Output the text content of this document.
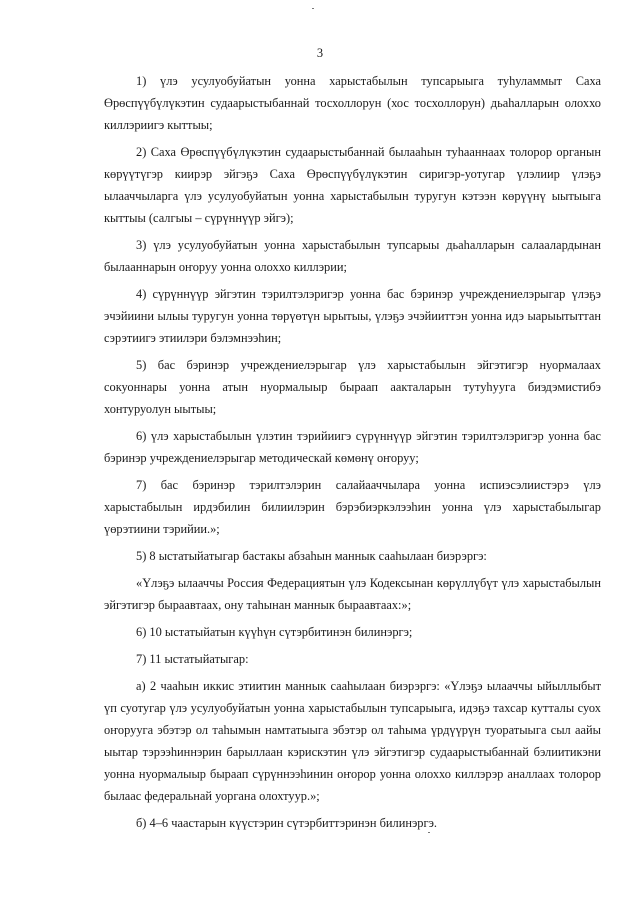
3

1) үлэ усулуобуйатын уонна харыстабылын тупсарыыга туһуламмыт Саха Өрөспүүбүлүкэтин судаарыстыбаннай тосхоллорун (хос тосхоллорун) дьаһалларын олоххо киллэриигэ кыттыы;

2) Саха Өрөспүүбүлүкэтин судаарыстыбаннай былааһын туһааннаах толорор органын көрүүтүгэр киирэр эйгэҕэ Саха Өрөспүүбүлүкэтин сиригэр-уотугар үлэлиир үлэҕэ ылааччыларга үлэ усулуобуйатын уонна харыстабылын туругун кэтээн көрүүнү ыытыыга кыттыы (салгыы – сүрүннүүр эйгэ);

3) үлэ усулуобуйатын уонна харыстабылын тупсарыы дьаһалларын салаалардынан былааннарын оҥоруу уонна олоххо киллэрии;

4) сүрүннүүр эйгэтин тэрилтэлэригэр уонна бас бэринэр учреждениелэрыгар үлэҕэ эчэйиини ылыы туругун уонна төрүөтүн ырытыы, үлэҕэ эчэйииттэн уонна идэ ыарыытыттан сэрэтиигэ этиилэри бэлэмнээһин;

5) бас бэринэр учреждениелэрыгар үлэ харыстабылын эйгэтигэр нуормалаах сокуоннары уонна атын нуормалыыр быраап аакталарын тутуһууга биэдэмистибэ хонтуруолун ыытыы;

6) үлэ харыстабылын үлэтин тэрийиигэ сүрүннүүр эйгэтин тэрилтэлэригэр уонна бас бэринэр учреждениелэрыгар методическай көмөнү оҥоруу;

7) бас бэринэр тэрилтэлэрин салайааччылара уонна испиэсэлиистэрэ үлэ харыстабылын ирдэбилин билиилэрин бэрэбиэркэлээһин уонна үлэ харыстабылыгар үөрэтиини тэрийии.»;

5) 8 ыстатыйатыгар бастакы абзаһын маннык сааһылаан биэрэргэ:

«Үлэҕэ ылааччы Россия Федерациятын үлэ Кодексынан көрүллүбүт үлэ харыстабылын эйгэтигэр быраавтаах, ону таһынан маннык быраавтаах:»;

6) 10 ыстатыйатын күүһүн сүтэрбитинэн билинэргэ;

7) 11 ыстатыйатыгар:

а) 2 чааһын иккис этиитин маннык сааһылаан биэрэргэ: «Үлэҕэ ылааччы ыйыллыбыт үп суотугар үлэ усулуобуйатын уонна харыстабылын тупсарыыга, идэҕэ тахсар кутталы суох оҥорууга эбэтэр ол таһымын намтатыыга эбэтэр ол таһыма үрдүүрүн туоратыыга сыл аайы ыытар тэрээһиннэрин барыллаан кэрискэтин үлэ эйгэтигэр судаарыстыбаннай бэлиитикэни уонна нуормалыыр быраап сүрүннээһинин оҥорор уонна олоххо киллэрэр аналлаах толорор былаас федеральнай уоргана олохтуур.»;

б) 4–6 чаастарын күүстэрин сүтэрбиттэринэн билинэргэ.
